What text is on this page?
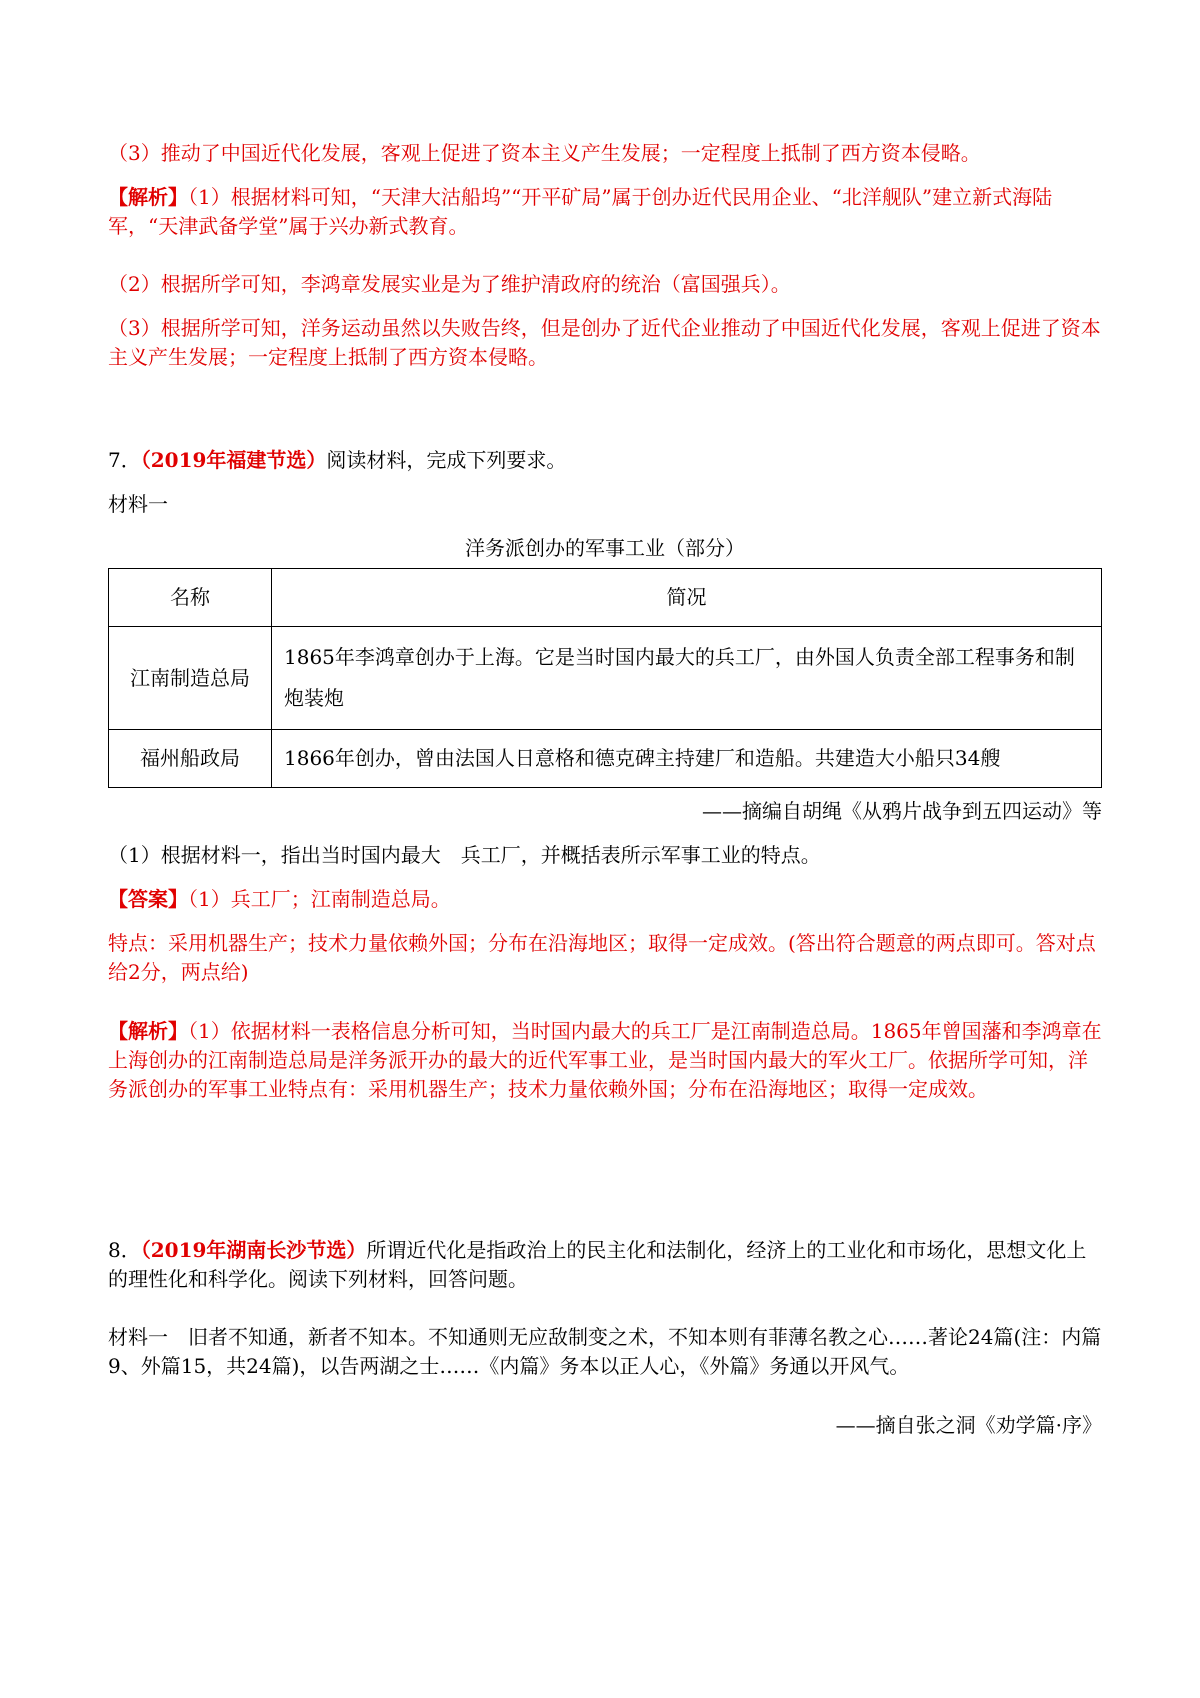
（3）推动了中国近代化发展，客观上促进了资本主义产生发展；一定程度上抵制了西方资本侵略。

【解析】（1）根据材料可知，“天津大沽船坞”“开平矿局”属于创办近代民用企业、“北洋舰队”建立新式海陆军，“天津武备学堂”属于兴办新式教育。

（2）根据所学可知，李鸿章发展实业是为了维护清政府的统治（富国强兵）。

（3）根据所学可知，洋务运动虽然以失败告终，但是创办了近代企业推动了中国近代化发展，客观上促进了资本主义产生发展；一定程度上抵制了西方资本侵略。

7．（2019年福建节选）阅读材料，完成下列要求。

材料一

洋务派创办的军事工业（部分）

名称	简况
江南制造总局	1865年李鸿章创办于上海。它是当时国内最大的兵工厂，由外国人负责全部工程事务和制炮装炮
福州船政局	1866年创办，曾由法国人日意格和德克碑主持建厂和造船。共建造大小船只34艘

——摘编自胡绳《从鸦片战争到五四运动》等

（1）根据材料一，指出当时国内最大　兵工厂，并概括表所示军事工业的特点。

【答案】（1）兵工厂；江南制造总局。

特点：采用机器生产；技术力量依赖外国；分布在沿海地区；取得一定成效。(答出符合题意的两点即可。答对点给2分，两点给)

【解析】（1）依据材料一表格信息分析可知，当时国内最大的兵工厂是江南制造总局。1865年曾国藩和李鸿章在上海创办的江南制造总局是洋务派开办的最大的近代军事工业，是当时国内最大的军火工厂。依据所学可知，洋务派创办的军事工业特点有：采用机器生产；技术力量依赖外国；分布在沿海地区；取得一定成效。

8．（2019年湖南长沙节选）所谓近代化是指政治上的民主化和法制化，经济上的工业化和市场化，思想文化上的理性化和科学化。阅读下列材料，回答问题。

材料一　旧者不知通，新者不知本。不知通则无应敌制变之术，不知本则有菲薄名教之心……著论24篇(注：内篇9、外篇15，共24篇)，以告两湖之士……《内篇》务本以正人心，《外篇》务通以开风气。

——摘自张之洞《劝学篇·序》
